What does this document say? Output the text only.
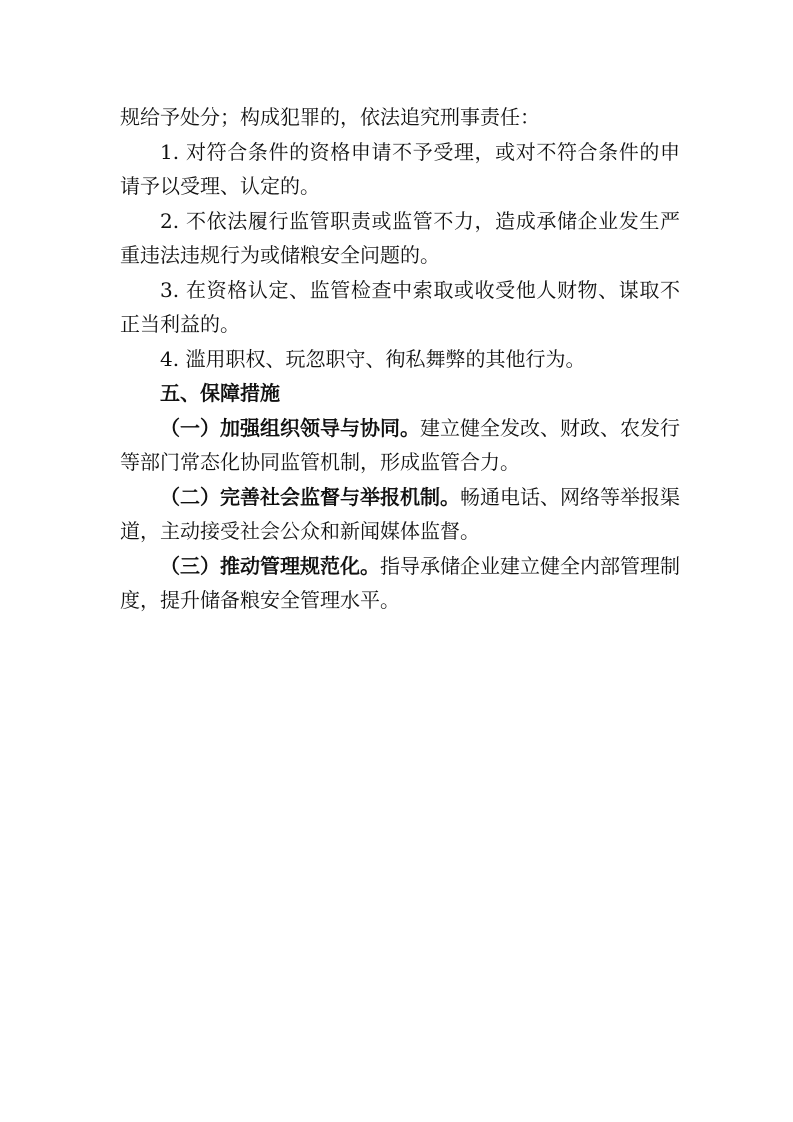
规给予处分；构成犯罪的，依法追究刑事责任：

1. 对符合条件的资格申请不予受理，或对不符合条件的申请予以受理、认定的。

2. 不依法履行监管职责或监管不力，造成承储企业发生严重违法违规行为或储粮安全问题的。

3. 在资格认定、监管检查中索取或收受他人财物、谋取不正当利益的。

4. 滥用职权、玩忽职守、徇私舞弊的其他行为。

五、保障措施

（一）加强组织领导与协同。建立健全发改、财政、农发行等部门常态化协同监管机制，形成监管合力。

（二）完善社会监督与举报机制。畅通电话、网络等举报渠道，主动接受社会公众和新闻媒体监督。

（三）推动管理规范化。指导承储企业建立健全内部管理制度，提升储备粮安全管理水平。
